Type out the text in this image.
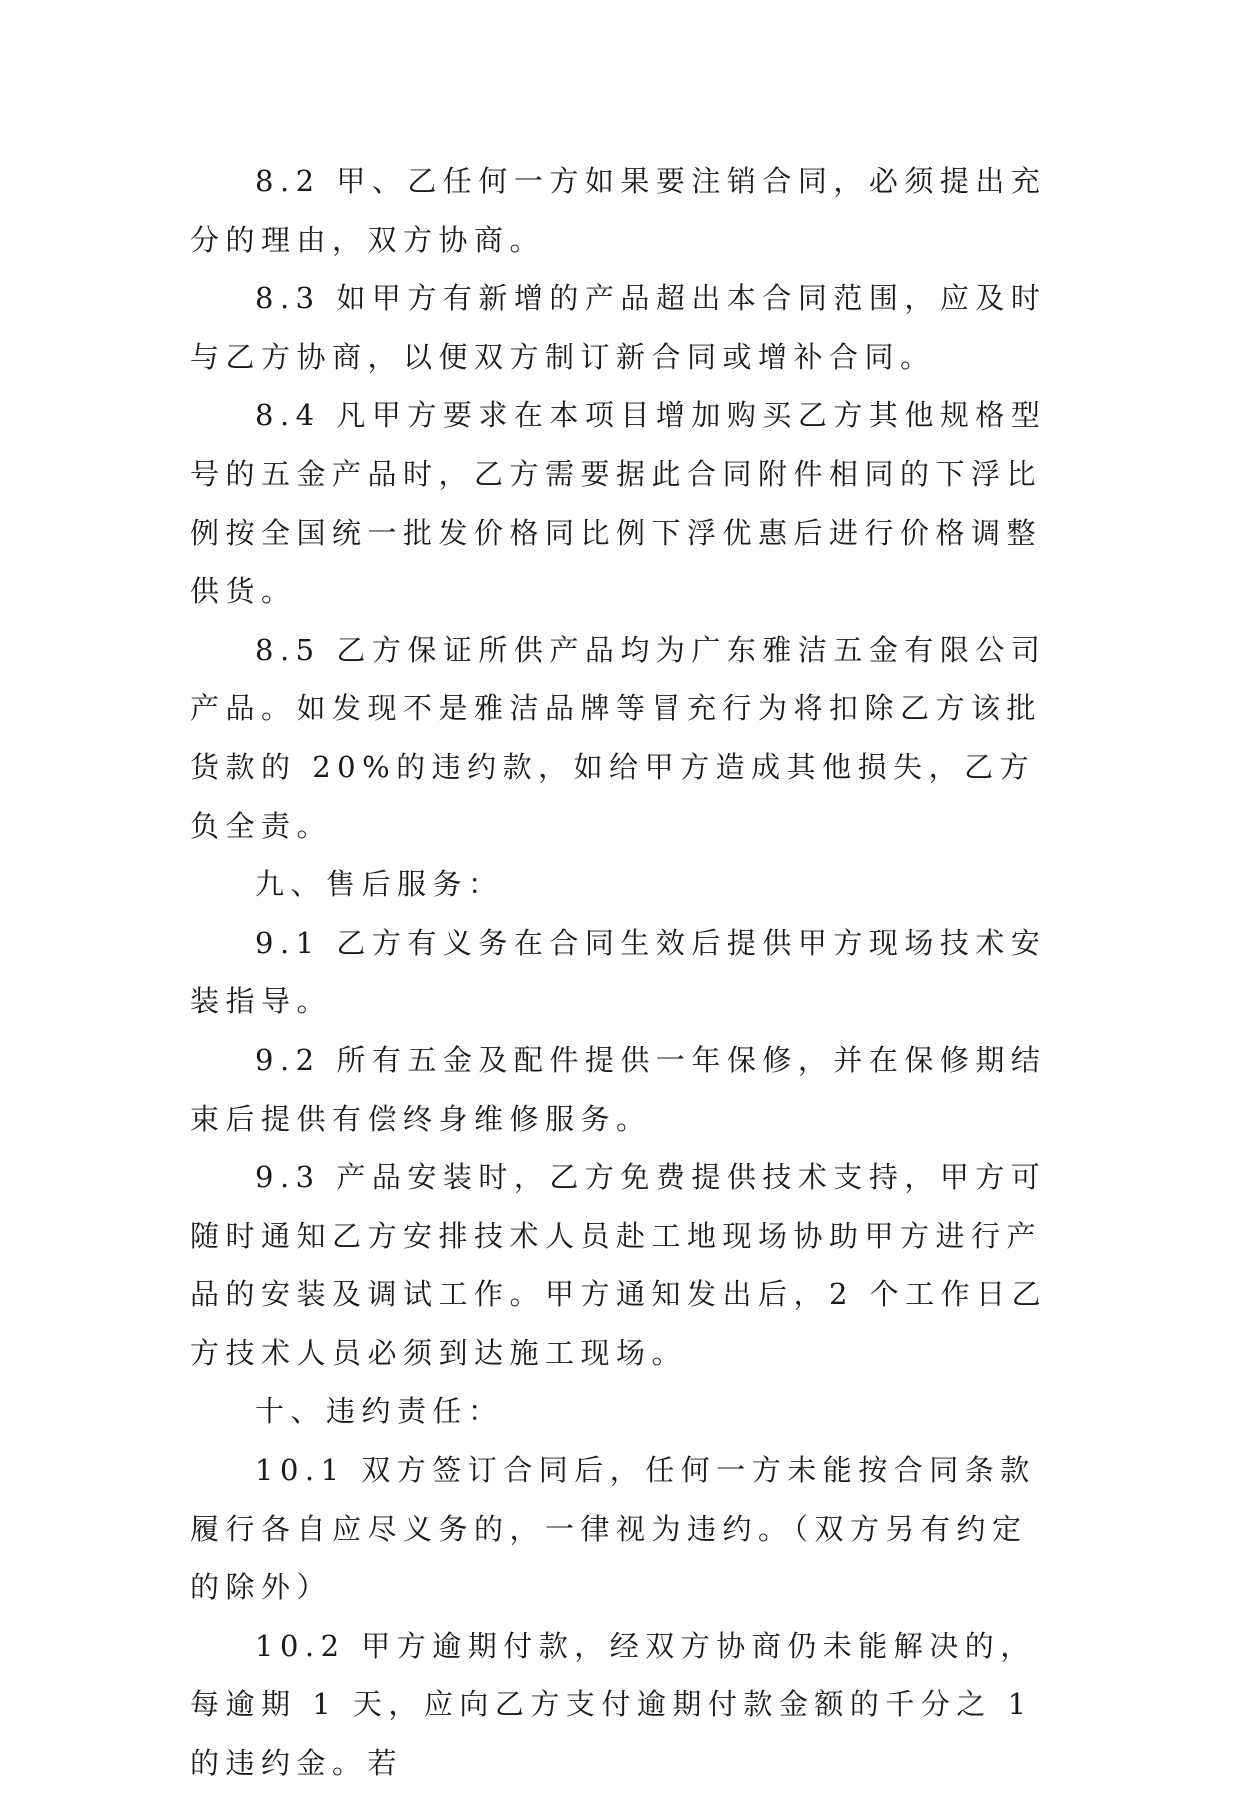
8.2 甲、乙任何一方如果要注销合同，必须提出充分的理由，双方协商。

8.3 如甲方有新增的产品超出本合同范围，应及时与乙方协商，以便双方制订新合同或增补合同。

8.4 凡甲方要求在本项目增加购买乙方其他规格型号的五金产品时，乙方需要据此合同附件相同的下浮比例按全国统一批发价格同比例下浮优惠后进行价格调整供货。

8.5 乙方保证所供产品均为广东雅洁五金有限公司产品。如发现不是雅洁品牌等冒充行为将扣除乙方该批货款的 20%的违约款，如给甲方造成其他损失，乙方负全责。

九、售后服务：

9.1 乙方有义务在合同生效后提供甲方现场技术安装指导。

9.2 所有五金及配件提供一年保修，并在保修期结束后提供有偿终身维修服务。

9.3 产品安装时，乙方免费提供技术支持，甲方可随时通知乙方安排技术人员赴工地现场协助甲方进行产品的安装及调试工作。甲方通知发出后，2 个工作日乙方技术人员必须到达施工现场。

十、违约责任：

10.1 双方签订合同后，任何一方未能按合同条款履行各自应尽义务的，一律视为违约。（双方另有约定的除外）

10.2 甲方逾期付款，经双方协商仍未能解决的，每逾期 1 天，应向乙方支付逾期付款金额的千分之 1 的违约金。若
